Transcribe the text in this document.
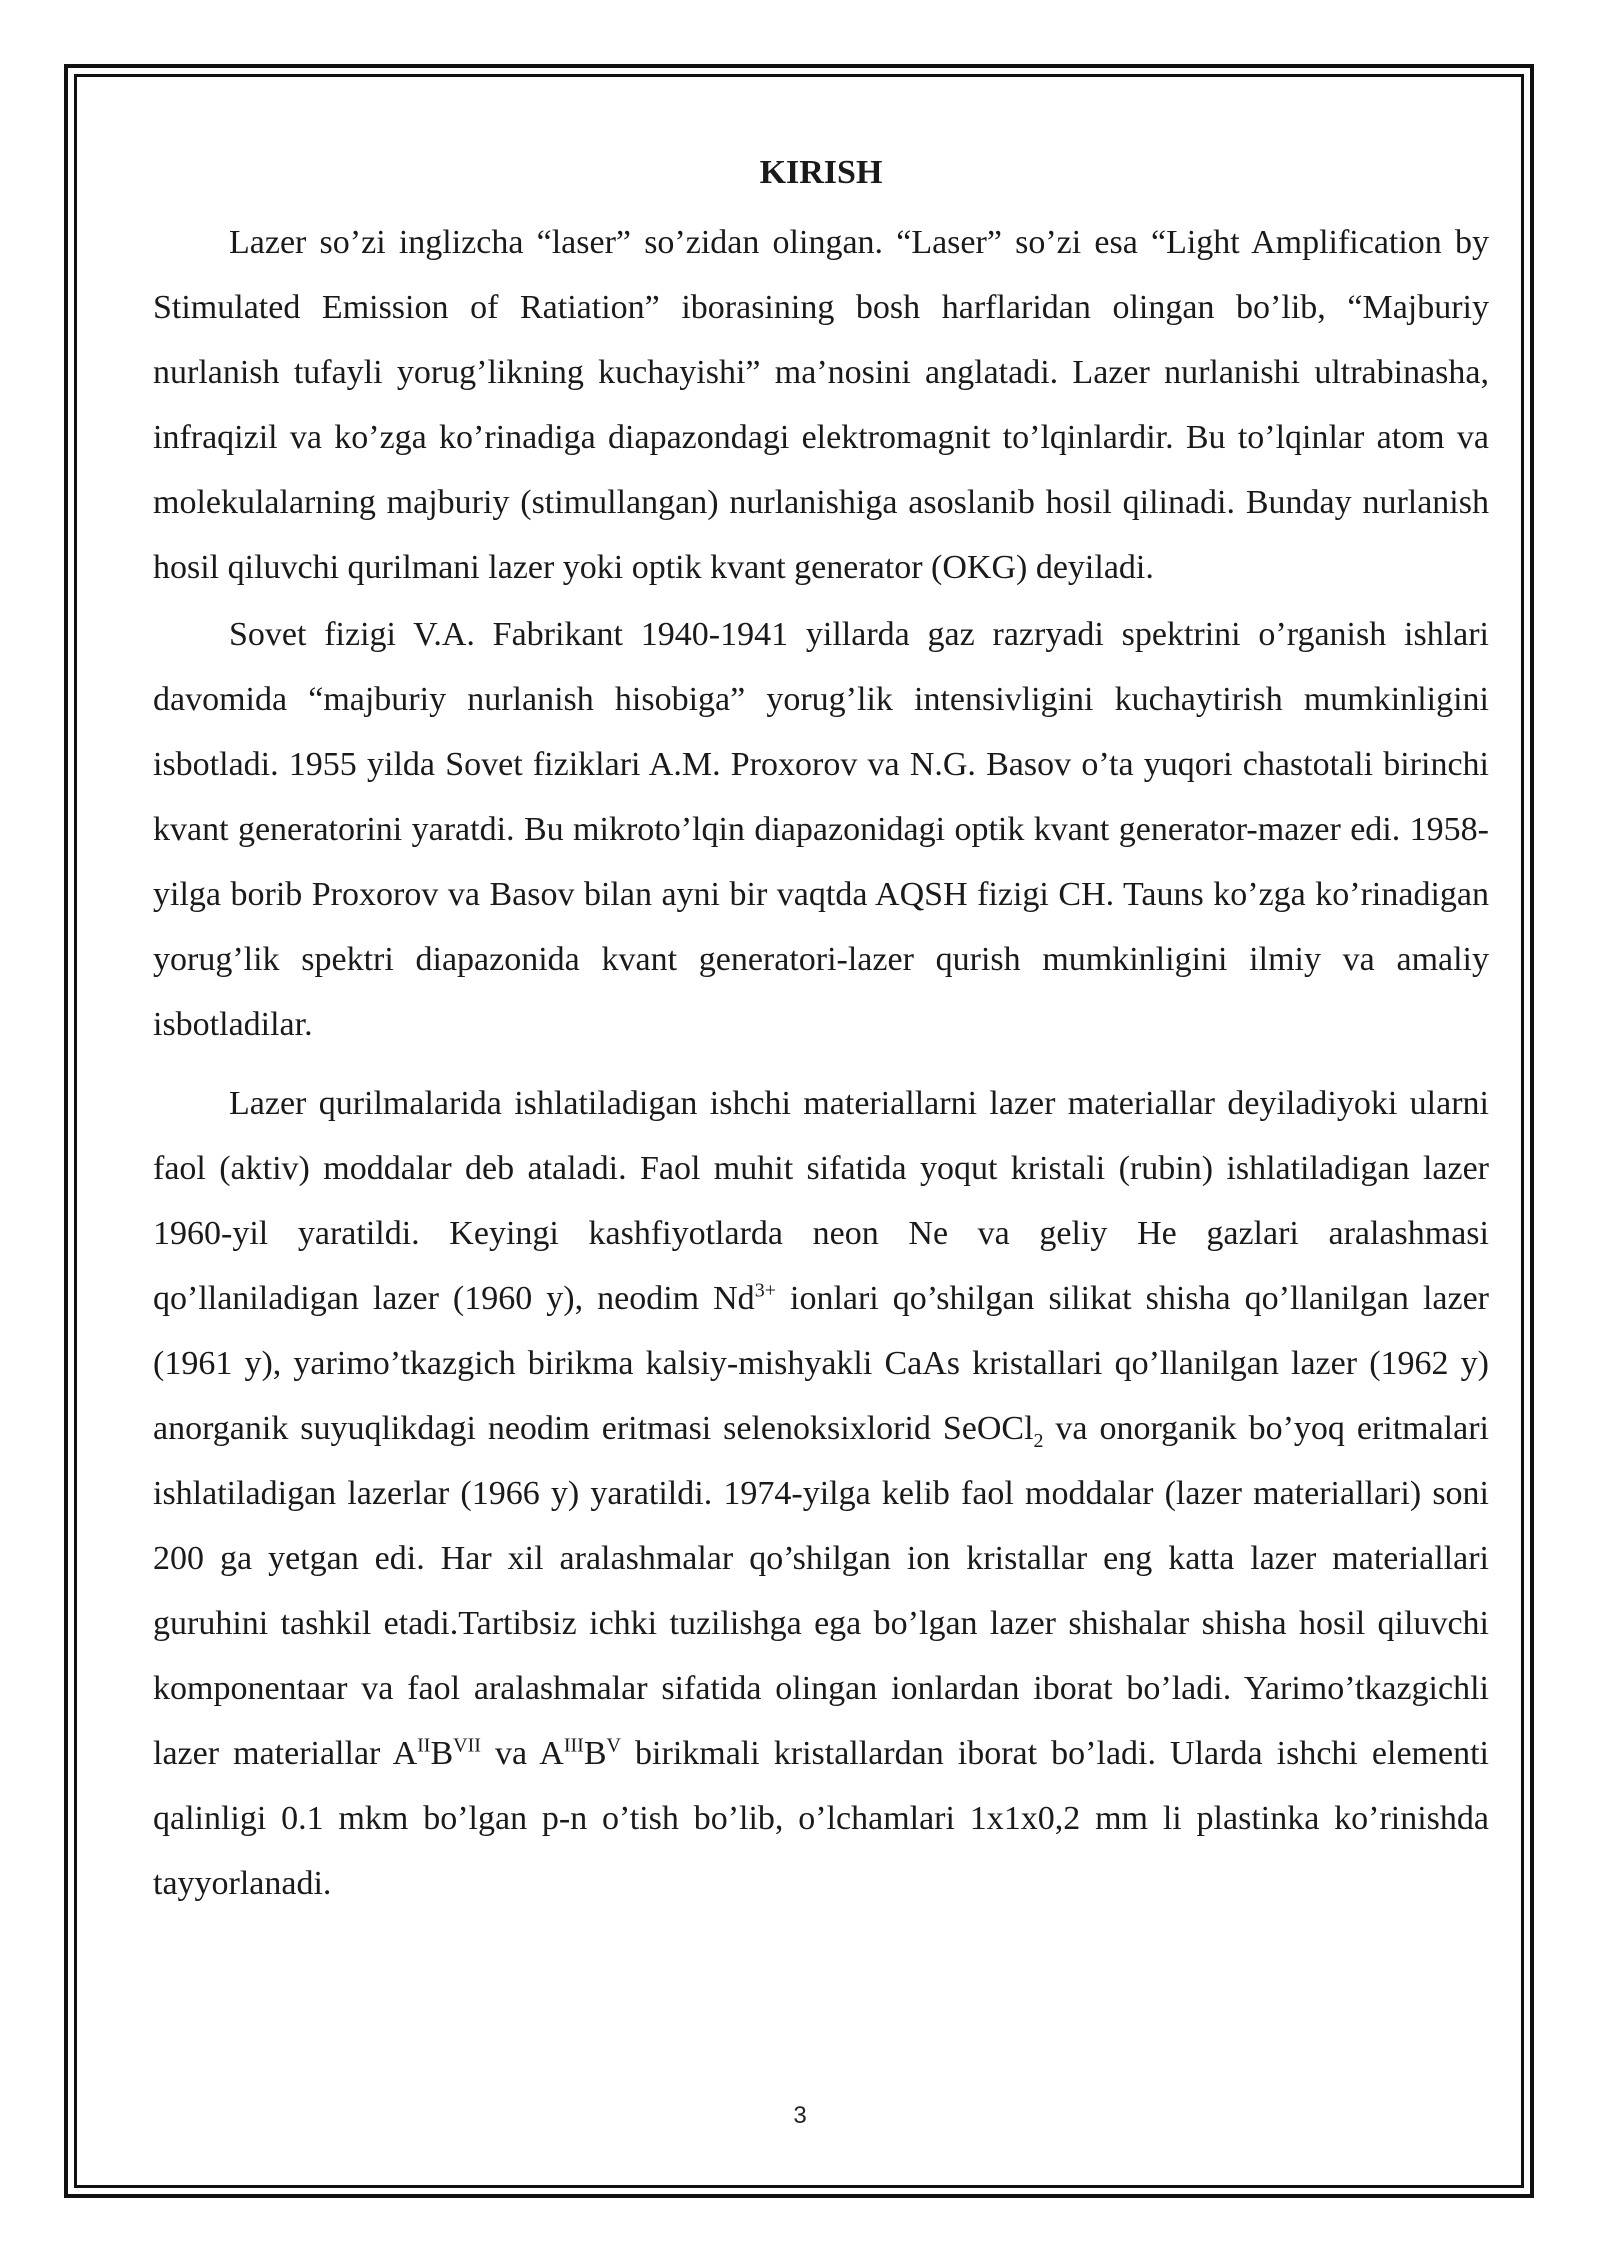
KIRISH

Lazer so’zi inglizcha “laser” so’zidan olingan. “Laser” so’zi esa “Light Amplification by Stimulated Emission of Ratiation” iborasining bosh harflaridan olingan bo’lib, “Majburiy nurlanish tufayli yorug’likning kuchayishi” ma’nosini anglatadi. Lazer nurlanishi ultrabinasha, infraqizil va ko’zga ko’rinadiga diapazondagi elektromagnit to’lqinlardir. Bu to’lqinlar atom va molekulalarning majburiy (stimullangan) nurlanishiga asoslanib hosil qilinadi. Bunday nurlanish hosil qiluvchi qurilmani lazer yoki optik kvant generator (OKG) deyiladi.

Sovet fizigi V.A. Fabrikant 1940-1941 yillarda gaz razryadi spektrini o’rganish ishlari davomida “majburiy nurlanish hisobiga” yorug’lik intensivligini kuchaytirish mumkinligini isbotladi. 1955 yilda Sovet fiziklari A.M. Proxorov va N.G. Basov o’ta yuqori chastotali birinchi kvant generatorini yaratdi. Bu mikroto’lqin diapazonidagi optik kvant generator-mazer edi. 1958-yilga borib Proxorov va Basov bilan ayni bir vaqtda AQSH fizigi CH. Tauns ko’zga ko’rinadigan yorug’lik spektri diapazonida kvant generatori-lazer qurish mumkinligini ilmiy va amaliy isbotladilar.

Lazer qurilmalarida ishlatiladigan ishchi materiallarni lazer materiallar deyiladiyoki ularni faol (aktiv) moddalar deb ataladi. Faol muhit sifatida yoqut kristali (rubin) ishlatiladigan lazer 1960-yil yaratildi. Keyingi kashfiyotlarda neon Ne va geliy He gazlari aralashmasi qo’llaniladigan lazer (1960 y), neodim $Nd^{3+}$ ionlari qo’shilgan silikat shisha qo’llanilgan lazer (1961 y), yarimo’tkazgich birikma kalsiy-mishyakli CaAs kristallari qo’llanilgan lazer (1962 y) anorganik suyuqlikdagi neodim eritmasi selenoksixlorid SeOCl$_2$ va onorganik bo’yoq eritmalari ishlatiladigan lazerlar (1966 y) yaratildi. 1974-yilga kelib faol moddalar (lazer materiallari) soni 200 ga yetgan edi. Har xil aralashmalar qo’shilgan ion kristallar eng katta lazer materiallari guruhini tashkil etadi.Tartibsiz ichki tuzilishga ega bo’lgan lazer shishalar shisha hosil qiluvchi komponentaar va faol aralashmalar sifatida olingan ionlardan iborat bo’ladi. Yarimo’tkazgichli lazer materiallar $A^{II}B^{VII}$ va $A^{III}B^V$ birikmali kristallardan iborat bo’ladi. Ularda ishchi elementi qalinligi 0.1 mkm bo’lgan p-n o’tish bo’lib, o’lchamlari 1x1x0,2 mm li plastinka ko’rinishda tayyorlanadi.

3
